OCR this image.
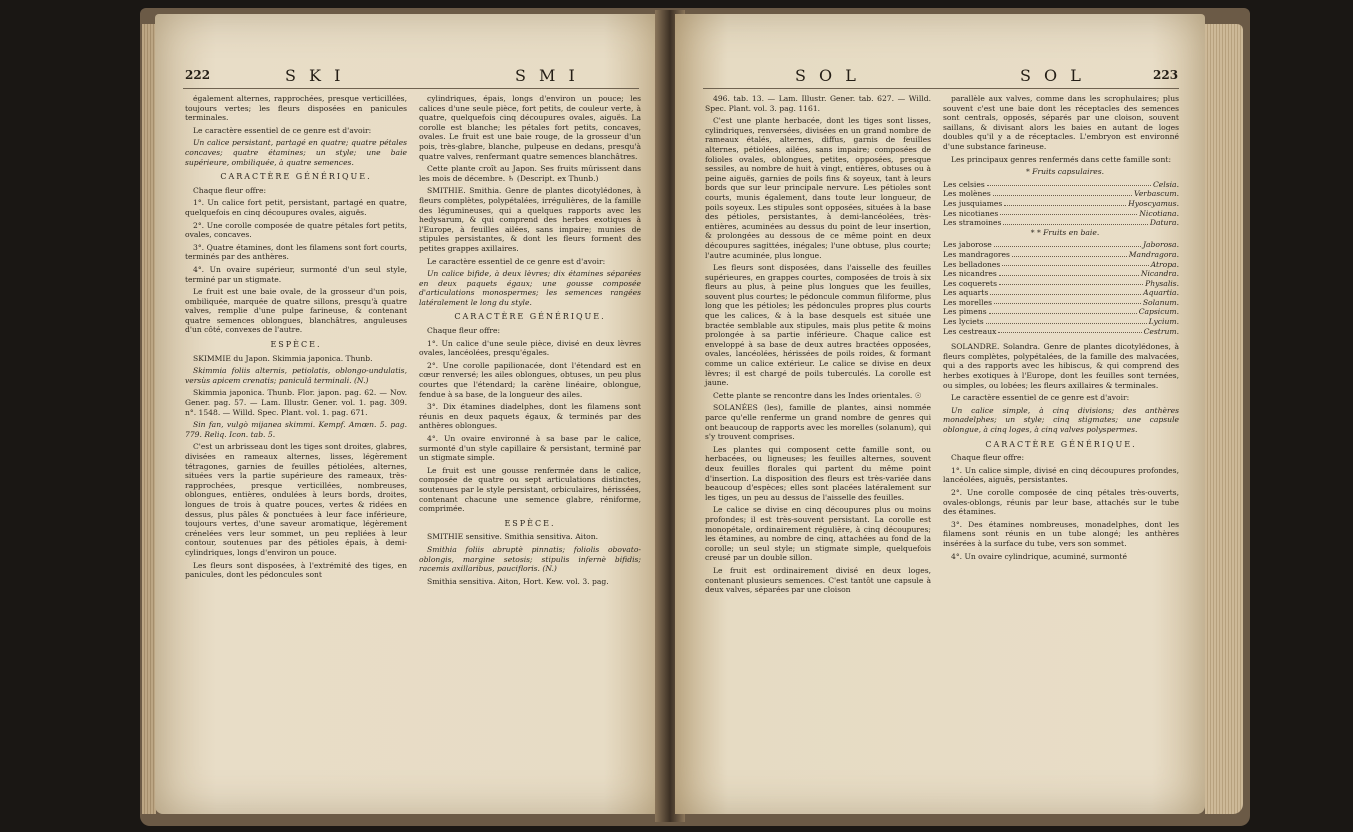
222	S K I	S M I

également alternes, rapprochées, presque verticillées, toujours vertes; les fleurs disposées en panicules terminales.

Le caractère essentiel de ce genre est d'avoir:

Un calice persistant, partagé en quatre; quatre pétales concaves; quatre étamines; un style; une baie supérieure, ombiliquée, à quatre semences.

CARACTÈRE GÉNÉRIQUE.

Chaque fleur offre:

1°. Un calice fort petit, persistant, partagé en quatre, quelquefois en cinq découpures ovales, aiguës.

2°. Une corolle composée de quatre pétales fort petits, ovales, concaves.

3°. Quatre étamines, dont les filamens sont fort courts, terminés par des anthères.

4°. Un ovaire supérieur, surmonté d'un seul style, terminé par un stigmate.

Le fruit est une baie ovale, de la grosseur d'un pois, ombiliquée, marquée de quatre sillons, presqu'à quatre valves, remplie d'une pulpe farineuse, & contenant quatre semences oblongues, blanchâtres, anguleuses d'un côté, convexes de l'autre.

ESPÈCE.

SKIMMIE du Japon. Skimmia japonica. Thunb.

Skimmia foliis alternis, petiolatis, oblongo-undulatis, versùs apicem crenatis; paniculâ terminali. (N.)

Skimmia japonica. Thunb. Flor. japon. pag. 62. — Nov. Gener. pag. 57. — Lam. Illustr. Gener. vol. 1. pag. 309. n°. 1548. — Willd. Spec. Plant. vol. 1. pag. 671.

Sin fan, vulgò mijanea skimmi. Kempf. Amœn. 5. pag. 779. Reliq. Icon. tab. 5.

C'est un arbrisseau dont les tiges sont droites, glabres, divisées en rameaux alternes, lisses, légèrement tétragones, garnies de feuilles pétiolées, alternes, situées vers la partie supérieure des rameaux, très-rapprochées, presque verticillées, nombreuses, oblongues, entières, ondulées à leurs bords, droites, longues de trois à quatre pouces, vertes & ridées en dessus, plus pâles & ponctuées à leur face inférieure, toujours vertes, d'une saveur aromatique, légèrement crénelées vers leur sommet, un peu repliées à leur contour, soutenues par des pétioles épais, à demi-cylindriques, longs d'environ un pouce.

Les fleurs sont disposées, à l'extrémité des tiges, en panicules, dont les pédoncules sont

cylindriques, épais, longs d'environ un pouce; les calices d'une seule pièce, fort petits, de couleur verte, à quatre, quelquefois cinq découpures ovales, aiguës. La corolle est blanche; les pétales fort petits, concaves, ovales. Le fruit est une baie rouge, de la grosseur d'un pois, très-glabre, blanche, pulpeuse en dedans, presqu'à quatre valves, renfermant quatre semences blanchâtres.

Cette plante croît au Japon. Ses fruits mûrissent dans les mois de décembre. ♄ (Descript. ex Thunb.)

SMITHIE. Smithia. Genre de plantes dicotylédones, à fleurs complètes, polypétalées, irrégulières, de la famille des légumineuses, qui a quelques rapports avec les hedysarum, & qui comprend des herbes exotiques à l'Europe, à feuilles ailées, sans impaire; munies de stipules persistantes, & dont les fleurs forment des petites grappes axillaires.

Le caractère essentiel de ce genre est d'avoir:

Un calice bifide, à deux lèvres; dix étamines séparées en deux paquets égaux; une gousse composée d'articulations monospermes; les semences rangées latéralement le long du style.

CARACTÈRE GÉNÉRIQUE.

Chaque fleur offre:

1°. Un calice d'une seule pièce, divisé en deux lèvres ovales, lancéolées, presqu'égales.

2°. Une corolle papilionacée, dont l'étendard est en cœur renversé; les ailes oblongues, obtuses, un peu plus courtes que l'étendard; la carène linéaire, oblongue, fendue à sa base, de la longueur des ailes.

3°. Dix étamines diadelphes, dont les filamens sont réunis en deux paquets égaux, & terminés par des anthères oblongues.

4°. Un ovaire environné à sa base par le calice, surmonté d'un style capillaire & persistant, terminé par un stigmate simple.

Le fruit est une gousse renfermée dans le calice, composée de quatre ou sept articulations distinctes, soutenues par le style persistant, orbiculaires, hérissées, contenant chacune une semence glabre, réniforme, comprimée.

ESPÈCE.

SMITHIE sensitive. Smithia sensitiva. Aiton.

Smithia foliis abruptè pinnatis; foliolis obovato-oblongis, margine setosis; stipulis infernè bifidis; racemis axillaribus, paucifloris. (N.)

Smithia sensitiva. Aiton, Hort. Kew. vol. 3. pag.

S O L	S O L	223

496. tab. 13. — Lam. Illustr. Gener. tab. 627. — Willd. Spec. Plant. vol. 3. pag. 1161.

C'est une plante herbacée, dont les tiges sont lisses, cylindriques, renversées, divisées en un grand nombre de rameaux étalés, alternes, diffus, garnis de feuilles alternes, pétiolées, ailées, sans impaire; composées de folioles ovales, oblongues, petites, opposées, presque sessiles, au nombre de huit à vingt, entières, obtuses ou à peine aiguës, garnies de poils fins & soyeux, tant à leurs bords que sur leur principale nervure. Les pétioles sont courts, munis également, dans toute leur longueur, de poils soyeux. Les stipules sont opposées, situées à la base des pétioles, persistantes, à demi-lancéolées, très-entières, acuminées au dessus du point de leur insertion, & prolongées au dessous de ce même point en deux découpures sagittées, inégales; l'une obtuse, plus courte; l'autre acuminée, plus longue.

Les fleurs sont disposées, dans l'aisselle des feuilles supérieures, en grappes courtes, composées de trois à six fleurs au plus, à peine plus longues que les feuilles, souvent plus courtes; le pédoncule commun filiforme, plus long que les pétioles; les pédoncules propres plus courts que les calices, & à la base desquels est située une bractée semblable aux stipules, mais plus petite & moins prolongée à sa partie inférieure. Chaque calice est enveloppé à sa base de deux autres bractées opposées, ovales, lancéolées, hérissées de poils roides, & formant comme un calice extérieur. Le calice se divise en deux lèvres; il est chargé de poils tuberculés. La corolle est jaune.

Cette plante se rencontre dans les Indes orientales. ☉

SOLANÉES (les), famille de plantes, ainsi nommée parce qu'elle renferme un grand nombre de genres qui ont beaucoup de rapports avec les morelles (solanum), qui s'y trouvent comprises.

Les plantes qui composent cette famille sont, ou herbacées, ou ligneuses; les feuilles alternes, souvent deux feuilles florales qui partent du même point d'insertion. La disposition des fleurs est très-variée dans beaucoup d'espèces; elles sont placées latéralement sur les tiges, un peu au dessus de l'aisselle des feuilles.

Le calice se divise en cinq découpures plus ou moins profondes; il est très-souvent persistant. La corolle est monopétale, ordinairement régulière, à cinq découpures; les étamines, au nombre de cinq, attachées au fond de la corolle; un seul style; un stigmate simple, quelquefois creusé par un double sillon.

Le fruit est ordinairement divisé en deux loges, contenant plusieurs semences. C'est tantôt une capsule à deux valves, séparées par une cloison

parallèle aux valves, comme dans les scrophulaires; plus souvent c'est une baie dont les réceptacles des semences sont centrals, opposés, séparés par une cloison, souvent saillans, & divisant alors les baies en autant de loges doubles qu'il y a de réceptacles. L'embryon est environné d'une substance farineuse.

Les principaux genres renfermés dans cette famille sont:

* Fruits capsulaires.

Les celsies	Celsia.
Les molènes	Verbascum.
Les jusquiames	Hyoscyamus.
Les nicotianes	Nicotiana.
Les stramoines	Datura.

* * Fruits en baie.

Les jaborose	Jaborosa.
Les mandragores	Mandragora.
Les belladones	Atropa.
Les nicandres	Nicandra.
Les coquerets	Physalis.
Les aquarts	Aquartia.
Les morelles	Solanum.
Les pimens	Capsicum.
Les lyciets	Lycium.
Les cestreaux	Cestrum.

SOLANDRE. Solandra. Genre de plantes dicotylédones, à fleurs complètes, polypétalées, de la famille des malvacées, qui a des rapports avec les hibiscus, & qui comprend des herbes exotiques à l'Europe, dont les feuilles sont ternées, ou simples, ou lobées; les fleurs axillaires & terminales.

Le caractère essentiel de ce genre est d'avoir:

Un calice simple, à cinq divisions; des anthères monadelphes; un style; cinq stigmates; une capsule oblongue, à cinq loges, à cinq valves polyspermes.

CARACTÈRE GÉNÉRIQUE.

Chaque fleur offre:

1°. Un calice simple, divisé en cinq découpures profondes, lancéolées, aiguës, persistantes.

2°. Une corolle composée de cinq pétales très-ouverts, ovales-oblongs, réunis par leur base, attachés sur le tube des étamines.

3°. Des étamines nombreuses, monadelphes, dont les filamens sont réunis en un tube alongé; les anthères insérées à la surface du tube, vers son sommet.

4°. Un ovaire cylindrique, acuminé, surmonté
